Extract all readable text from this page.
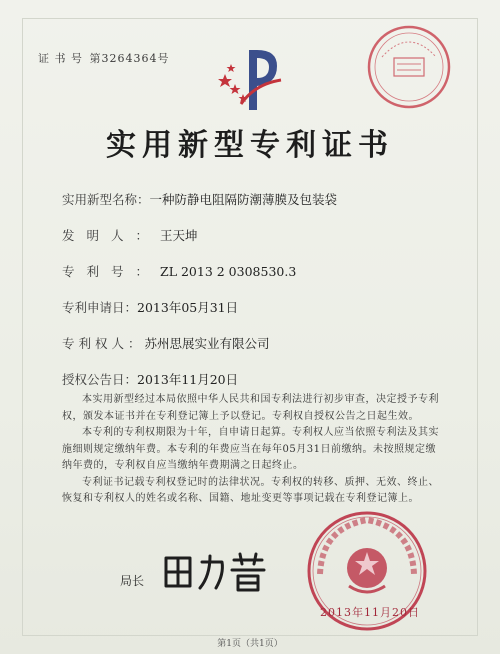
证 书 号 第3264364号
实用新型专利证书
实用新型名称：一种防静电阻隔防潮薄膜及包装袋
发明人：王天坤
专利号：ZL 2013 2 0308530.3
专利申请日：2013年05月31日
专利权人：苏州思展实业有限公司
授权公告日：2013年11月20日

本实用新型经过本局依照中华人民共和国专利法进行初步审查，决定授予专利权，颁发本证书并在专利登记簿上予以登记。专利权自授权公告之日起生效。

本专利的专利权期限为十年，自申请日起算。专利权人应当依照专利法及其实施细则规定缴纳年费。本专利的年费应当在每年05月31日前缴纳。未按照规定缴纳年费的，专利权自应当缴纳年费期满之日起终止。

专利证书记载专利权登记时的法律状况。专利权的转移、质押、无效、终止、恢复和专利权人的姓名或名称、国籍、地址变更等事项记载在专利登记簿上。

局长
2013年11月20日
第1页（共1页）
